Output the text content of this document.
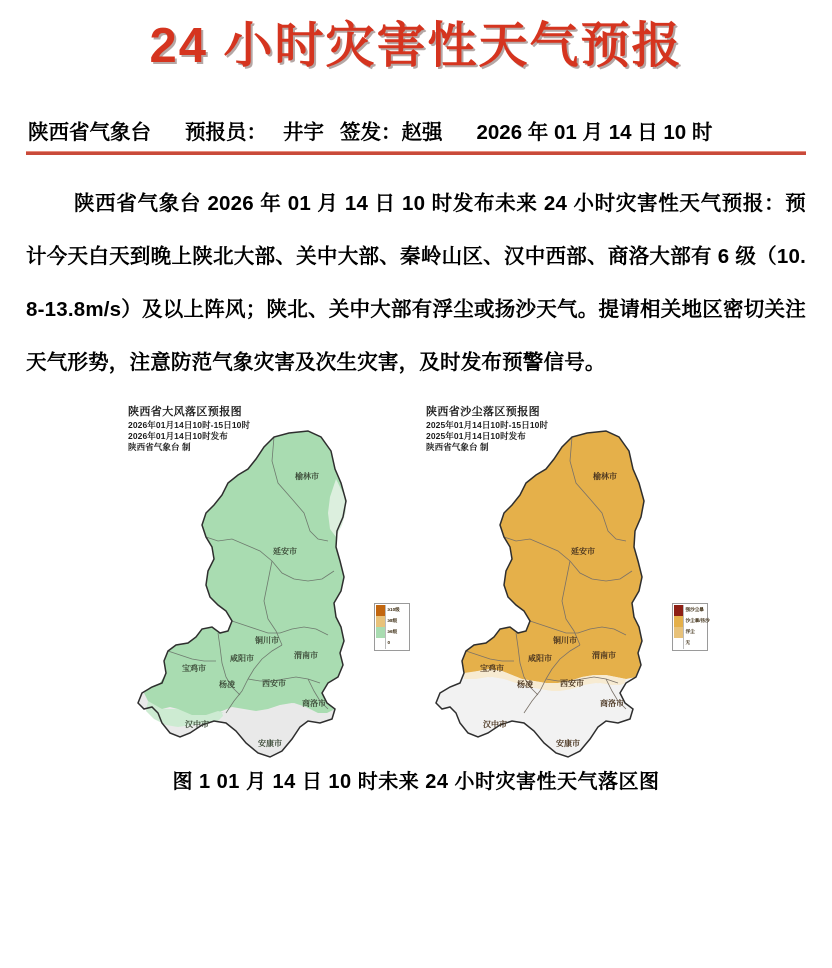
24 小时灾害性天气预报
陕西省气象台 预报员： 井宇 签发： 赵强 2026 年 01 月 14 日 10 时

陕西省气象台 2026 年 01 月 14 日 10 时发布未来 24 小时灾害性天气预报：预计今天白天到晚上陕北大部、关中大部、秦岭山区、汉中西部、商洛大部有 6 级（10.8-13.8m/s）及以上阵风；陕北、关中大部有浮尘或扬沙天气。提请相关地区密切关注天气形势，注意防范气象灾害及次生灾害，及时发布预警信号。

陕西省大风落区预报图
2026年01月14日10时-15日10时
2026年01月14日10时发布
陕西省气象台 制
榆林市
延安市
铜川市
渭南市
咸阳市
宝鸡市
杨凌	西安市
商洛市
汉中市
安康市
≥10级
≥8级
≥6级
0
陕西省沙尘落区预报图
2025年01月14日10时-15日10时
2025年01月14日10时发布
陕西省气象台 制
榆林市
延安市
铜川市
渭南市
咸阳市
宝鸡市
杨凌	西安市
商洛市
汉中市
安康市
强沙尘暴
沙尘暴/扬沙
浮尘
无
图 1 01 月 14 日 10 时未来 24 小时灾害性天气落区图
